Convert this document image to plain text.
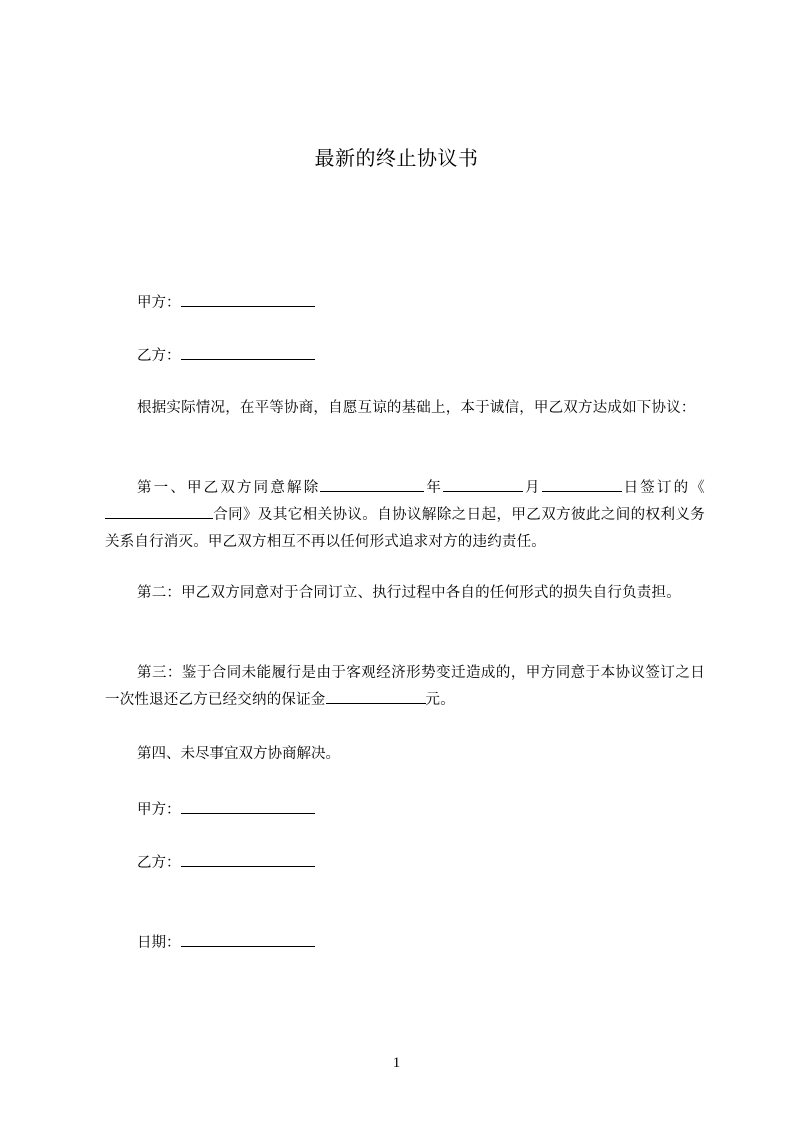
最新的终止协议书
甲方：
乙方：
根据实际情况，在平等协商，自愿互谅的基础上，本于诚信，甲乙双方达成如下协议：
第一、甲乙双方同意解除	年	月	日签订的《合同》及其它相关协议。自协议解除之日起，甲乙双方彼此之间的权利义务关系自行消灭。甲乙双方相互不再以任何形式追求对方的违约责任。
第二：甲乙双方同意对于合同订立、执行过程中各自的任何形式的损失自行负责担。
第三：鉴于合同未能履行是由于客观经济形势变迁造成的，甲方同意于本协议签订之日一次性退还乙方已经交纳的保证金	元。
第四、未尽事宜双方协商解决。
甲方：
乙方：
日期：
1
